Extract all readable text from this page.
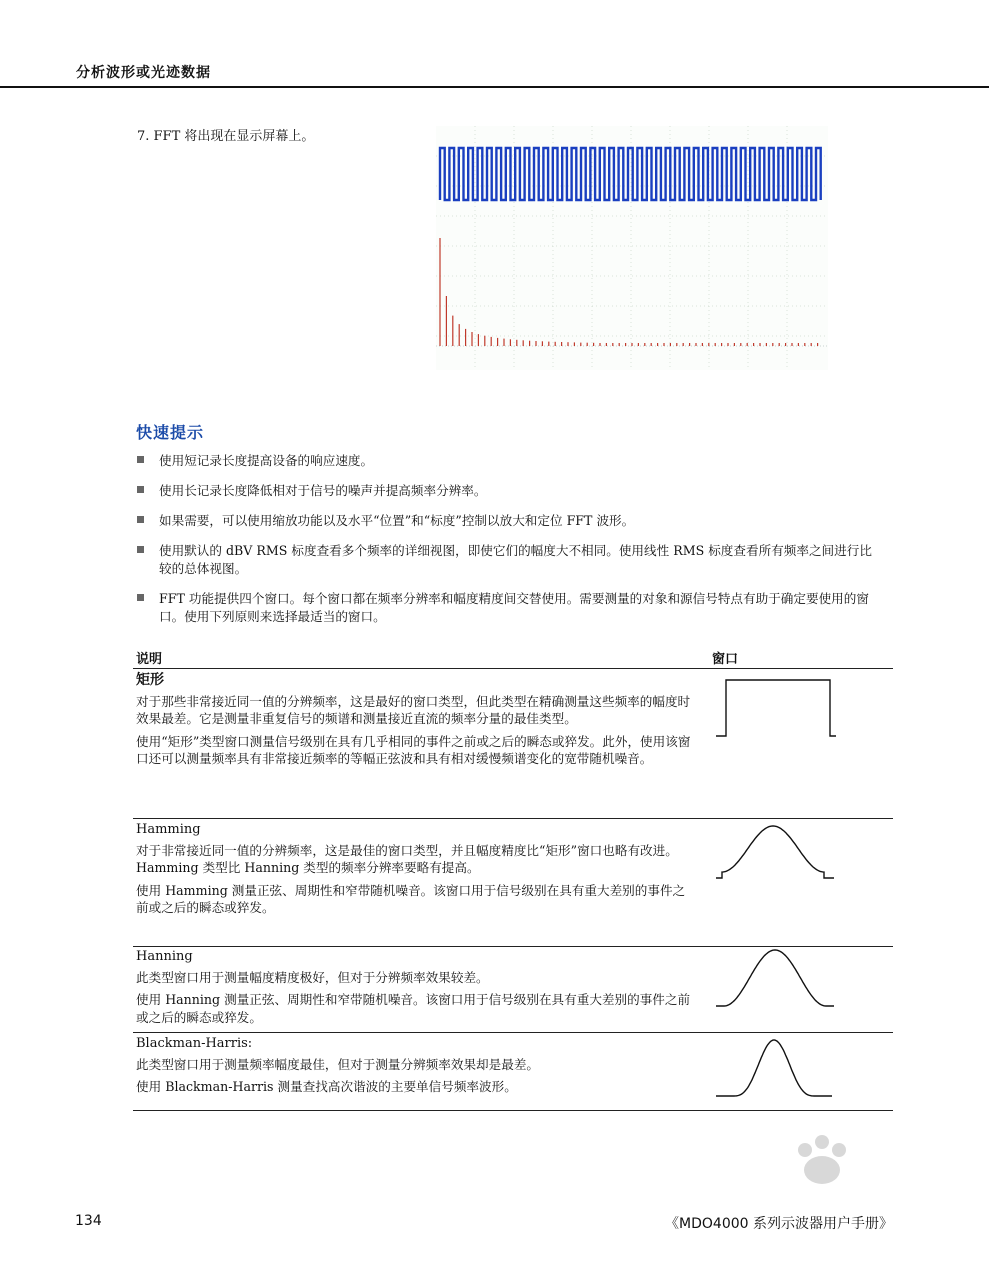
分析波形或光迹数据
7. FFT 将出现在显示屏幕上。
快速提示
使用短记录长度提高设备的响应速度。
使用长记录长度降低相对于信号的噪声并提高频率分辨率。
如果需要，可以使用缩放功能以及水平“位置”和“标度”控制以放大和定位 FFT 波形。
使用默认的 dBV RMS 标度查看多个频率的详细视图，即使它们的幅度大不相同。使用线性 RMS 标度查看所有频率之间进行比较的总体视图。
FFT 功能提供四个窗口。每个窗口都在频率分辨率和幅度精度间交替使用。需要测量的对象和源信号特点有助于确定要使用的窗口。使用下列原则来选择最适当的窗口。
说明	窗口
矩形

对于那些非常接近同一值的分辨频率，这是最好的窗口类型，但此类型在精确测量这些频率的幅度时效果最差。它是测量非重复信号的频谱和测量接近直流的频率分量的最佳类型。

使用“矩形”类型窗口测量信号级别在具有几乎相同的事件之前或之后的瞬态或猝发。此外，使用该窗口还可以测量频率具有非常接近频率的等幅正弦波和具有相对缓慢频谱变化的宽带随机噪音。

Hamming

对于非常接近同一值的分辨频率，这是最佳的窗口类型，并且幅度精度比“矩形”窗口也略有改进。Hamming 类型比 Hanning 类型的频率分辨率要略有提高。

使用 Hamming 测量正弦、周期性和窄带随机噪音。该窗口用于信号级别在具有重大差别的事件之前或之后的瞬态或猝发。

Hanning

此类型窗口用于测量幅度精度极好，但对于分辨频率效果较差。

使用 Hanning 测量正弦、周期性和窄带随机噪音。该窗口用于信号级别在具有重大差别的事件之前或之后的瞬态或猝发。

Blackman-Harris:

此类型窗口用于测量频率幅度最佳，但对于测量分辨频率效果却是最差。

使用 Blackman-Harris 测量查找高次谐波的主要单信号频率波形。

134	《MDO4000 系列示波器用户手册》
